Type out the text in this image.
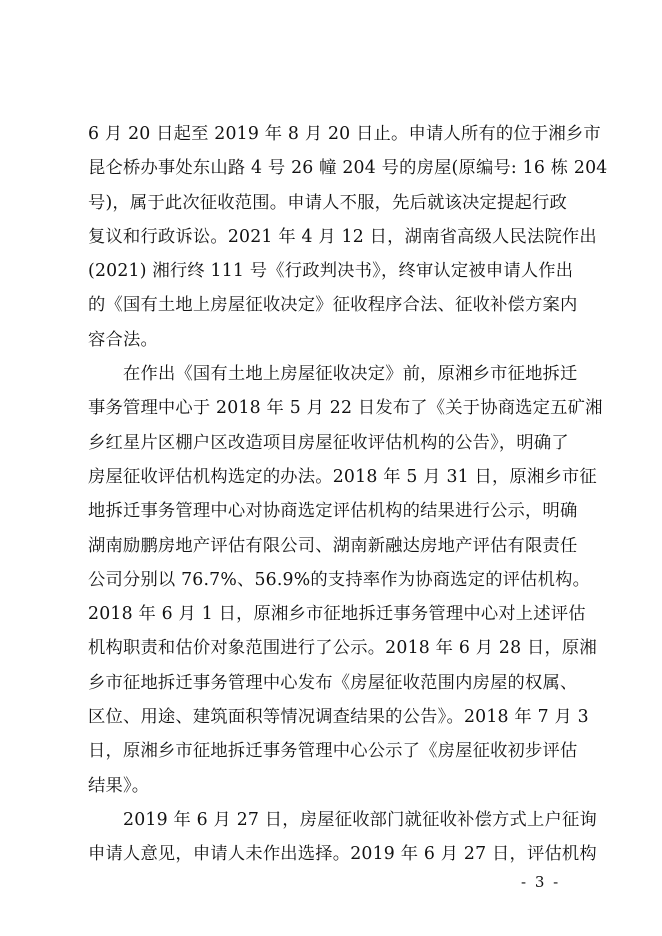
6 月 20 日起至 2019 年 8 月 20 日止。申请人所有的位于湘乡市
昆仑桥办事处东山路 4 号 26 幢 204 号的房屋(原编号: 16 栋 204
号)，属于此次征收范围。申请人不服，先后就该决定提起行政
复议和行政诉讼。2021 年 4 月 12 日，湖南省高级人民法院作出
(2021) 湘行终 111 号《行政判决书》，终审认定被申请人作出
的《国有土地上房屋征收决定》征收程序合法、征收补偿方案内
容合法。
在作出《国有土地上房屋征收决定》前，原湘乡市征地拆迁
事务管理中心于 2018 年 5 月 22 日发布了《关于协商选定五矿湘
乡红星片区棚户区改造项目房屋征收评估机构的公告》，明确了
房屋征收评估机构选定的办法。2018 年 5 月 31 日，原湘乡市征
地拆迁事务管理中心对协商选定评估机构的结果进行公示，明确
湖南励鹏房地产评估有限公司、湖南新融达房地产评估有限责任
公司分别以 76.7%、56.9%的支持率作为协商选定的评估机构。
2018 年 6 月 1 日，原湘乡市征地拆迁事务管理中心对上述评估
机构职责和估价对象范围进行了公示。2018 年 6 月 28 日，原湘
乡市征地拆迁事务管理中心发布《房屋征收范围内房屋的权属、
区位、用途、建筑面积等情况调查结果的公告》。2018 年 7 月 3
日，原湘乡市征地拆迁事务管理中心公示了《房屋征收初步评估
结果》。
2019 年 6 月 27 日，房屋征收部门就征收补偿方式上户征询
申请人意见，申请人未作出选择。2019 年 6 月 27 日，评估机构
- 3 -
